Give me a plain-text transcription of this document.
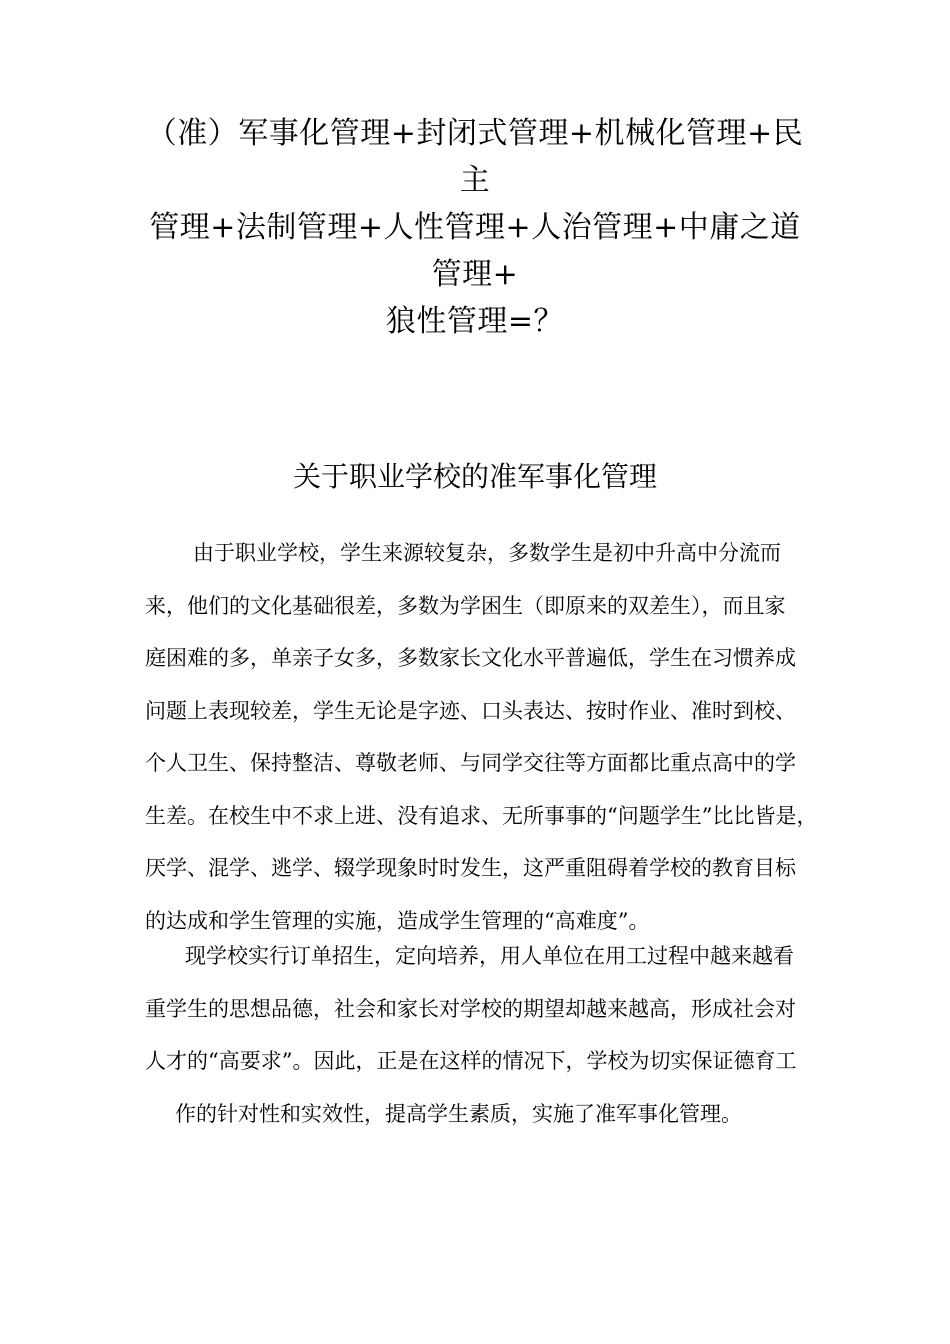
（准）军事化管理+封闭式管理+机械化管理+民主
管理+法制管理+人性管理+人治管理+中庸之道管理+
狼性管理=？
关于职业学校的准军事化管理

由于职业学校，学生来源较复杂，多数学生是初中升高中分流而
来，他们的文化基础很差，多数为学困生（即原来的双差生），而且家
庭困难的多，单亲子女多，多数家长文化水平普遍低，学生在习惯养成
问题上表现较差，学生无论是字迹、口头表达、按时作业、准时到校、
个人卫生、保持整洁、尊敬老师、与同学交往等方面都比重点高中的学
生差。在校生中不求上进、没有追求、无所事事的“问题学生”比比皆是，
厌学、混学、逃学、辍学现象时时发生，这严重阻碍着学校的教育目标
的达成和学生管理的实施，造成学生管理的“高难度”。

现学校实行订单招生，定向培养，用人单位在用工过程中越来越看
重学生的思想品德，社会和家长对学校的期望却越来越高，形成社会对
人才的“高要求”。因此，正是在这样的情况下，学校为切实保证德育工
作的针对性和实效性，提高学生素质，实施了准军事化管理。
